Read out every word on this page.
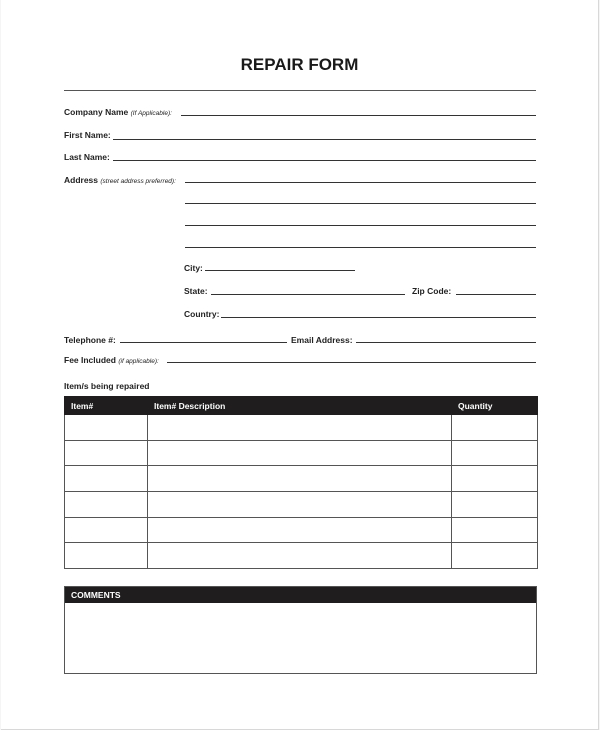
REPAIR FORM
Company Name (If Applicable):
First Name:
Last Name:
Address (street address preferred):
City:
State:	Zip Code:
Country:
Telephone #:	Email Address:
Fee Included (if applicable):
Item/s being repaired
Item#	Item# Description	Quantity

COMMENTS
